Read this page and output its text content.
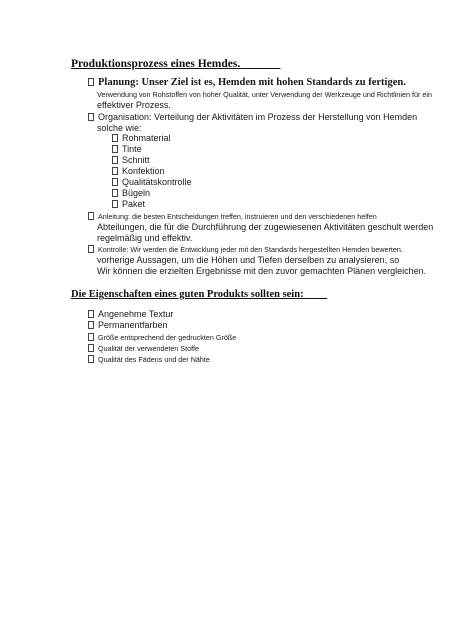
Produktionsprozess eines Hemdes.
Planung: Unser Ziel ist es, Hemden mit hohen Standards zu fertigen.
Verwendung von Rohstoffen von hoher Qualität, unter Verwendung der Werkzeuge und Richtlinien für ein
effektiver Prozess.
Organisation: Verteilung der Aktivitäten im Prozess der Herstellung von Hemden
solche wie:
Rohmaterial
Tinte
Schnitt
Konfektion
Qualitätskontrolle
Bügeln
Paket
Anleitung: die besten Entscheidungen treffen, instruieren und den verschiedenen helfen
Abteilungen, die für die Durchführung der zugewiesenen Aktivitäten geschult werden
regelmäßig und effektiv.
Kontrolle: Wir werden die Entwicklung jeder mit den Standards hergestellten Hemden bewerten.
vorherige Aussagen, um die Höhen und Tiefen derselben zu analysieren, so
Wir können die erzielten Ergebnisse mit den zuvor gemachten Plänen vergleichen.
Die Eigenschaften eines guten Produkts sollten sein:
Angenehme Textur
Permanentfarben
Größe entsprechend der gedruckten Größe
Qualität der verwendeten Stoffe
Qualität des Fädens und der Nähte
